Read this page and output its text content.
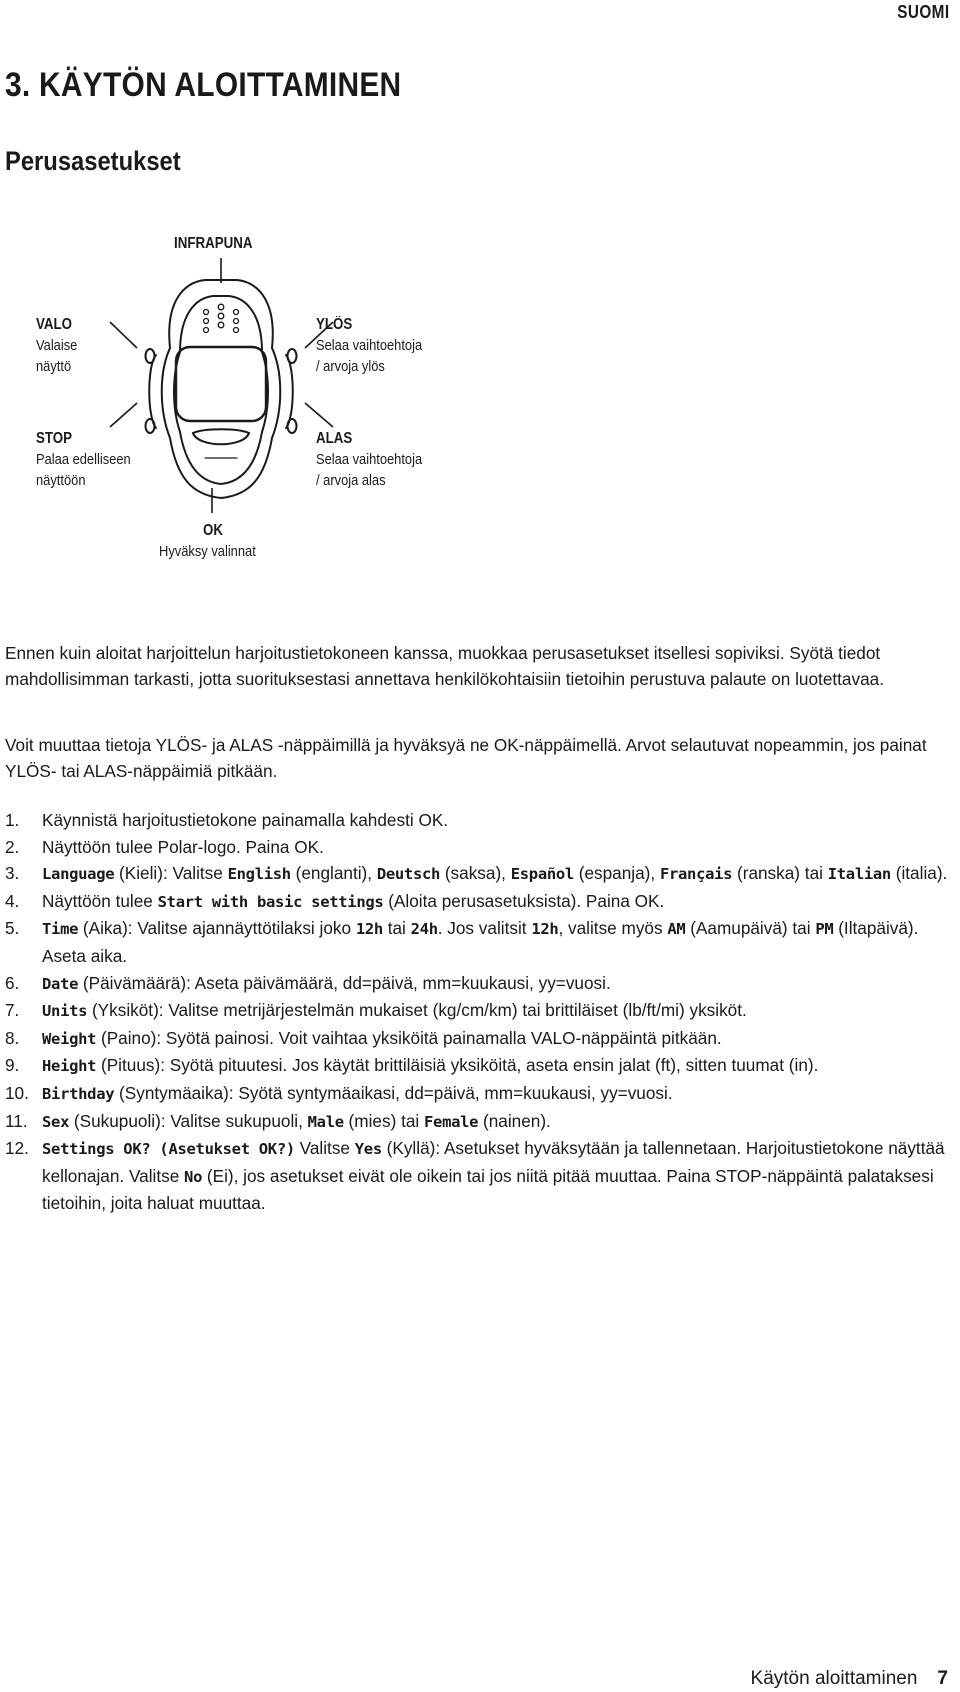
SUOMI
3. KÄYTÖN ALOITTAMINEN
Perusasetukset
INFRAPUNA
VALO
Valaise
näyttö
STOP
Palaa edelliseen
näyttöön
YLÖS
Selaa vaihtoehtoja
/ arvoja ylös
ALAS
Selaa vaihtoehtoja
/ arvoja alas
OK
Hyväksy valinnat

Ennen kuin aloitat harjoittelun harjoitustietokoneen kanssa, muokkaa perusasetukset itsellesi sopiviksi. Syötä tiedot mahdollisimman tarkasti, jotta suorituksestasi annettava henkilökohtaisiin tietoihin perustuva palaute on luotettavaa.

Voit muuttaa tietoja YLÖS- ja ALAS -näppäimillä ja hyväksyä ne OK-näppäimellä. Arvot selautuvat nopeammin, jos painat YLÖS- tai ALAS-näppäimiä pitkään.

1.	Käynnistä harjoitustietokone painamalla kahdesti OK.
2.	Näyttöön tulee Polar-logo. Paina OK.
3.	Language (Kieli): Valitse English (englanti), Deutsch (saksa), Español (espanja), Français (ranska) tai Italian (italia).
4.	Näyttöön tulee Start with basic settings (Aloita perusasetuksista). Paina OK.
5.	Time (Aika): Valitse ajannäyttötilaksi joko 12h tai 24h. Jos valitsit 12h, valitse myös AM (Aamupäivä) tai PM (Iltapäivä). Aseta aika.
6.	Date (Päivämäärä): Aseta päivämäärä, dd=päivä, mm=kuukausi, yy=vuosi.
7.	Units (Yksiköt): Valitse metrijärjestelmän mukaiset (kg/cm/km) tai brittiläiset (lb/ft/mi) yksiköt.
8.	Weight (Paino): Syötä painosi. Voit vaihtaa yksiköitä painamalla VALO-näppäintä pitkään.
9.	Height (Pituus): Syötä pituutesi. Jos käytät brittiläisiä yksiköitä, aseta ensin jalat (ft), sitten tuumat (in).
10. Birthday (Syntymäaika): Syötä syntymäaikasi, dd=päivä, mm=kuukausi, yy=vuosi.
11. Sex (Sukupuoli): Valitse sukupuoli, Male (mies) tai Female (nainen).
12. Settings OK? (Asetukset OK?) Valitse Yes (Kyllä): Asetukset hyväksytään ja tallennetaan. Harjoitustietokone näyttää kellonajan. Valitse No (Ei), jos asetukset eivät ole oikein tai jos niitä pitää muuttaa. Paina STOP-näppäintä palataksesi tietoihin, joita haluat muuttaa.
Käytön aloittaminen 7
